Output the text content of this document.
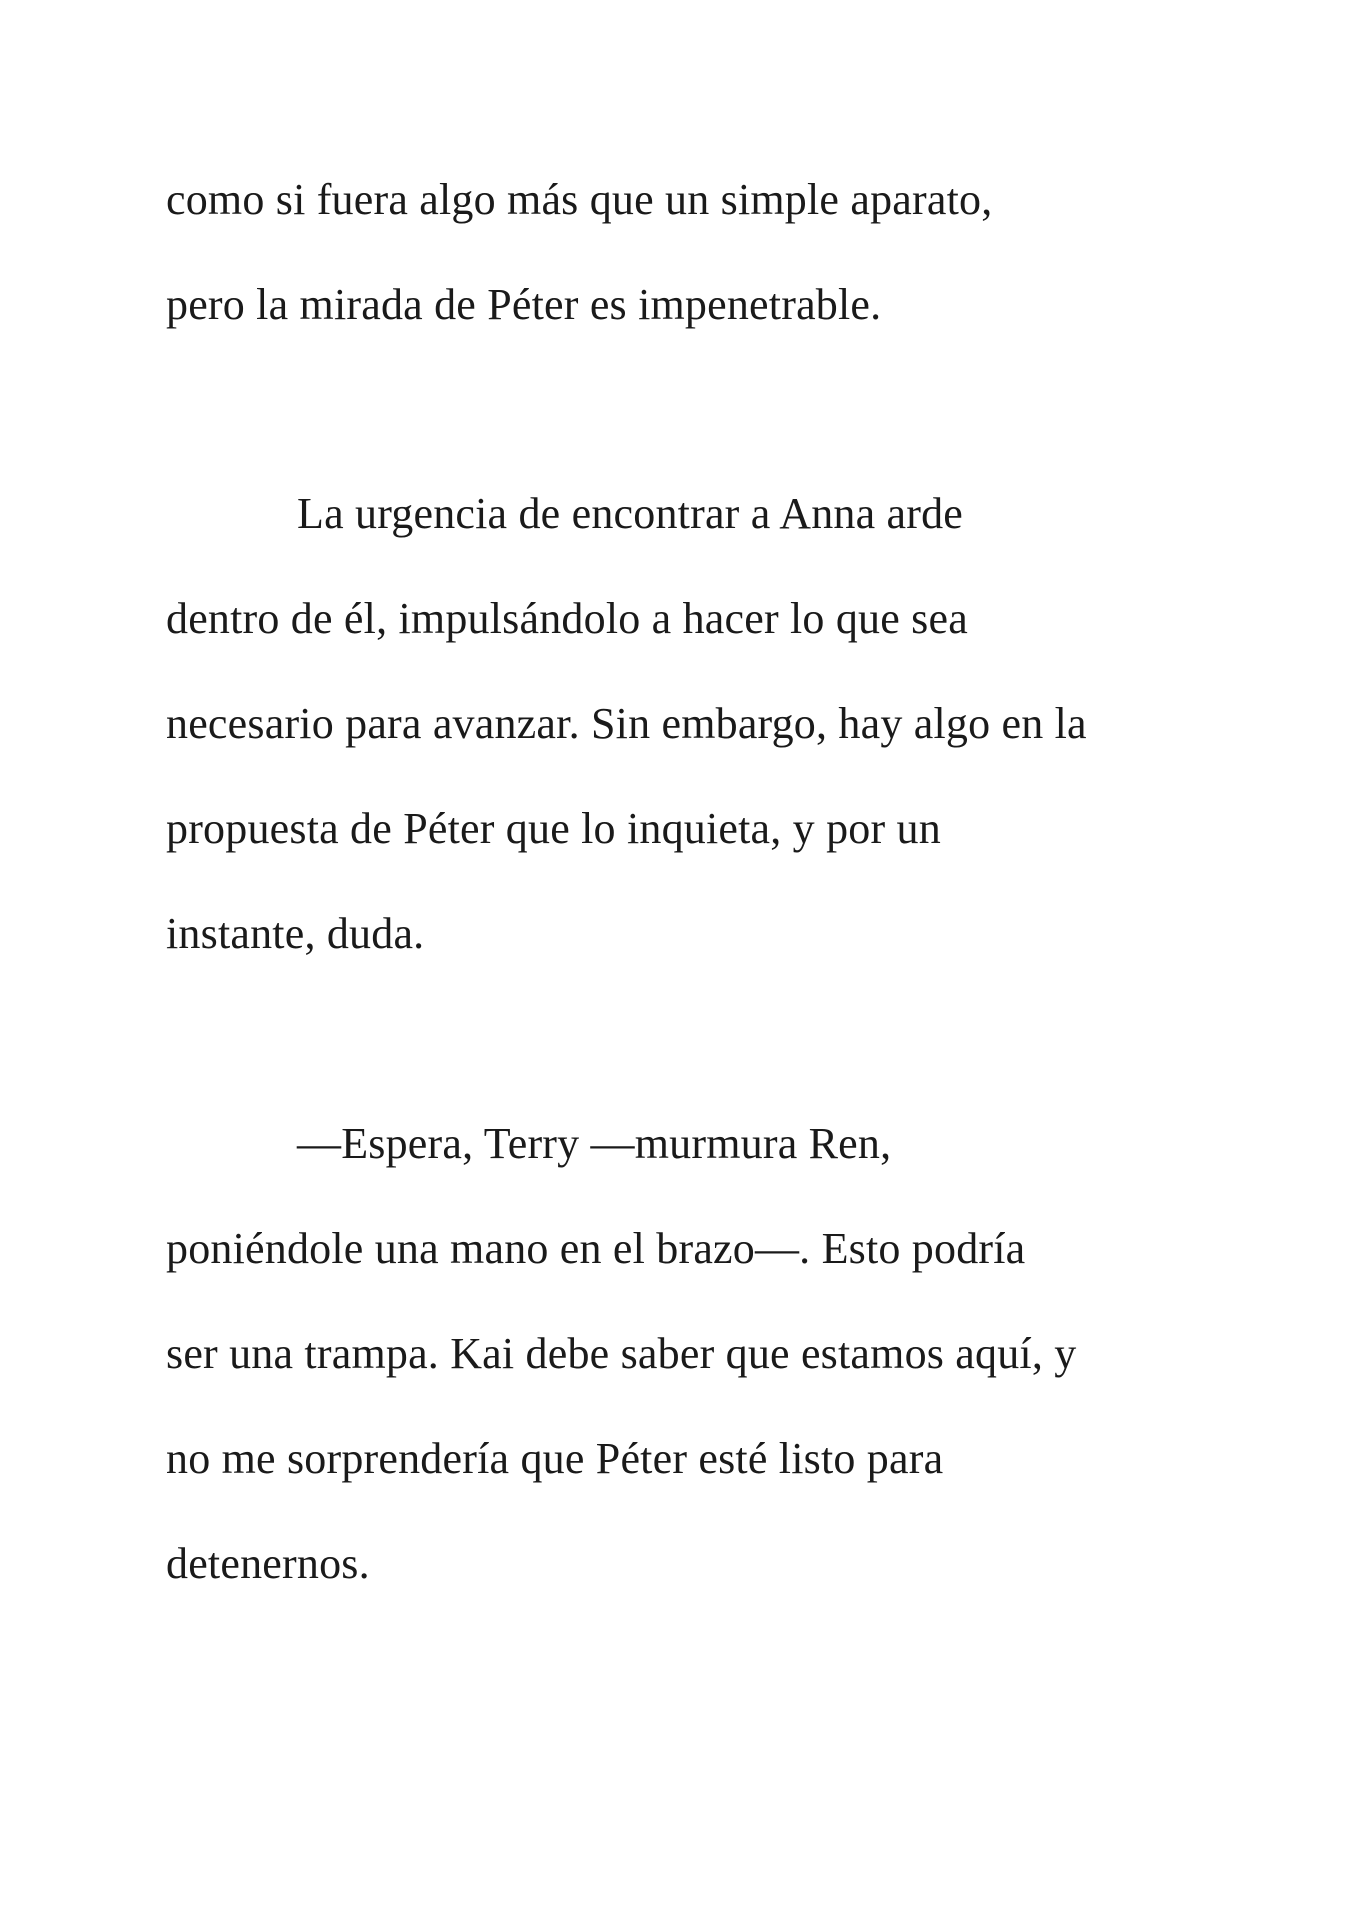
como si fuera algo más que un simple aparato,
pero la mirada de Péter es impenetrable.
La urgencia de encontrar a Anna arde
dentro de él, impulsándolo a hacer lo que sea
necesario para avanzar. Sin embargo, hay algo en la
propuesta de Péter que lo inquieta, y por un
instante, duda.
—Espera, Terry —murmura Ren,
poniéndole una mano en el brazo—. Esto podría
ser una trampa. Kai debe saber que estamos aquí, y
no me sorprendería que Péter esté listo para
detenernos.
